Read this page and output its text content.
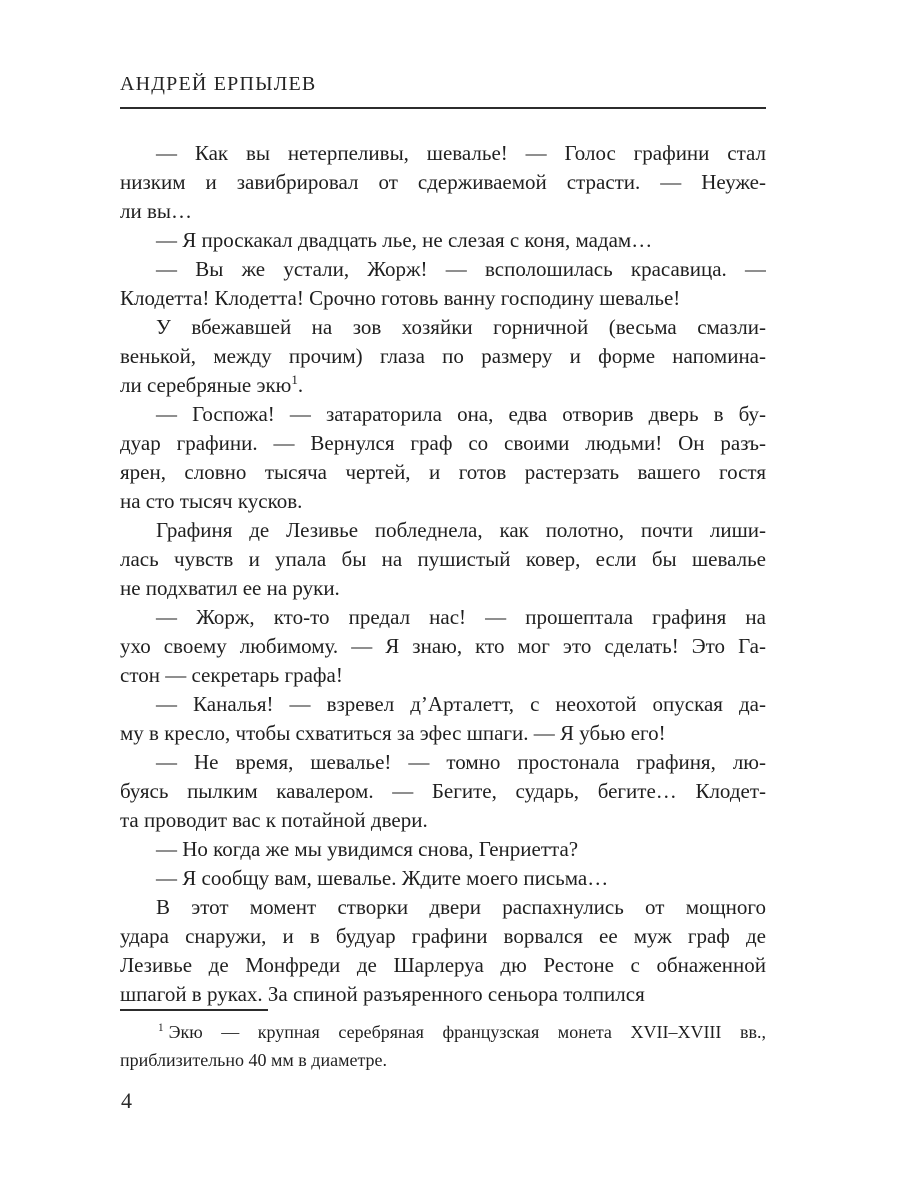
АНДРЕЙ ЕРПЫЛЕВ

— Как вы нетерпеливы, шевалье! — Голос графини стал
низким и завибрировал от сдерживаемой страсти. — Неуже-
ли вы…

— Я проскакал двадцать лье, не слезая с коня, мадам…

— Вы же устали, Жорж! — всполошилась красавица. —
Клодетта! Клодетта! Срочно готовь ванну господину шевалье!

У вбежавшей на зов хозяйки горничной (весьма смазли-
венькой, между прочим) глаза по размеру и форме напомина-
ли серебряные экю$^1$.

— Госпожа! — затараторила она, едва отворив дверь в бу-
дуар графини. — Вернулся граф со своими людьми! Он разъ-
ярен, словно тысяча чертей, и готов растерзать вашего гостя
на сто тысяч кусков.

Графиня де Лезивье побледнела, как полотно, почти лиши-
лась чувств и упала бы на пушистый ковер, если бы шевалье
не подхватил ее на руки.

— Жорж, кто-то предал нас! — прошептала графиня на
ухо своему любимому. — Я знаю, кто мог это сделать! Это Га-
стон — секретарь графа!

— Каналья! — взревел д’Арталетт, с неохотой опуская да-
му в кресло, чтобы схватиться за эфес шпаги. — Я убью его!

— Не время, шевалье! — томно простонала графиня, лю-
буясь пылким кавалером. — Бегите, сударь, бегите… Клодет-
та проводит вас к потайной двери.

— Но когда же мы увидимся снова, Генриетта?

— Я сообщу вам, шевалье. Ждите моего письма…

В этот момент створки двери распахнулись от мощного
удара снаружи, и в будуар графини ворвался ее муж граф де
Лезивье де Монфреди де Шарлеруа дю Рестоне с обнаженной
шпагой в руках. За спиной разъяренного сеньора толпился

$^1$ Экю — крупная серебряная французская монета XVII–XVIII вв.,
приблизительно 40 мм в диаметре.
4
